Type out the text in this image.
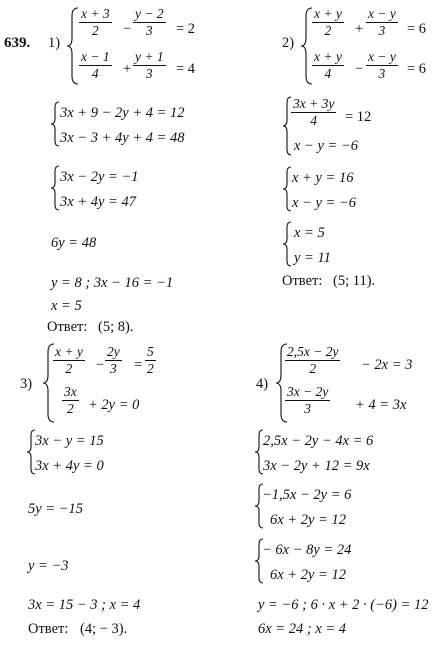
639. 1)
$\frac{x + 3}{2} - \frac{y - 2}{3} = 2$
$\frac{x - 1}{4} + \frac{y + 1}{3} = 4$
3x + 9 − 2y + 4 = 12
3x − 3 + 4y + 4 = 48
3x − 2y = −1
3x + 4y = 47
6y = 48
y = 8 ; 3x − 16 = −1
x = 5
Ответ: (5; 8).
2)
$\frac{x + y}{2} + \frac{x - y}{3} = 6$
$\frac{x + y}{4} - \frac{x - y}{3} = 6$
$\frac{3x + 3y}{4} = 12$
x − y = −6
x + y = 16
x − y = −6
x = 5
y = 11
Ответ: (5; 11).
3)
$\frac{x + y}{2} - \frac{2y}{3} = \frac{5}{2}$
$\frac{3x}{2} + 2y = 0$
3x − y = 15
3x + 4y = 0
5y = −15
y = −3
3x = 15 − 3 ; x = 4
Ответ: (4; − 3).
4)
$\frac{2,5x - 2y}{2} - 2x = 3$
$\frac{3x - 2y}{3} + 4 = 3x$
2,5x − 2y − 4x = 6
3x − 2y + 12 = 9x
−1,5x − 2y = 6
6x + 2y = 12
− 6x − 8y = 24
6x + 2y = 12
y = −6 ; 6 · x + 2 · (−6) = 12
6x = 24 ; x = 4
